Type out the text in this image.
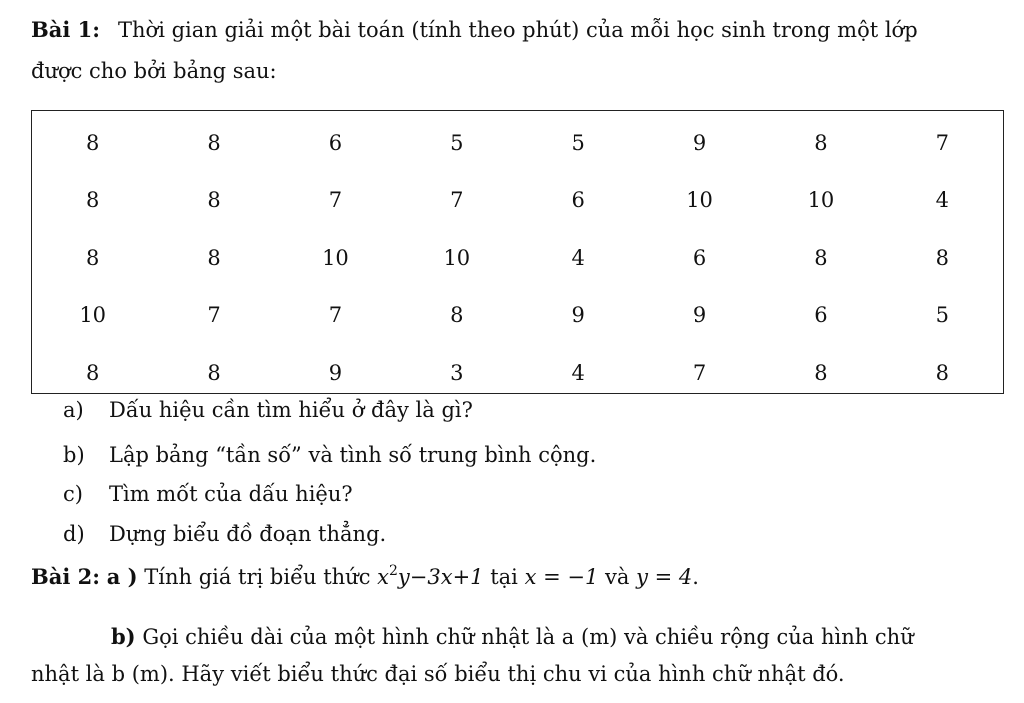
Bài 1: Thời gian giải một bài toán (tính theo phút) của mỗi học sinh trong một lớp
được cho bởi bảng sau:
8	8	6	5	5	9	8	7
8	8	7	7	6	10	10	4
8	8	10	10	4	6	8	8
10	7	7	8	9	9	6	5
8	8	9	3	4	7	8	8
a) Dấu hiệu cần tìm hiểu ở đây là gì?
b) Lập bảng “tần số” và tình số trung bình cộng.
c) Tìm mốt của dấu hiệu?
d) Dựng biểu đồ đoạn thẳng.
Bài 2: a ) Tính giá trị biểu thức $x^2y-3x+1$ tại x = −1 và y = 4.
b) Gọi chiều dài của một hình chữ nhật là a (m) và chiều rộng của hình chữ
nhật là b (m). Hãy viết biểu thức đại số biểu thị chu vi của hình chữ nhật đó.
